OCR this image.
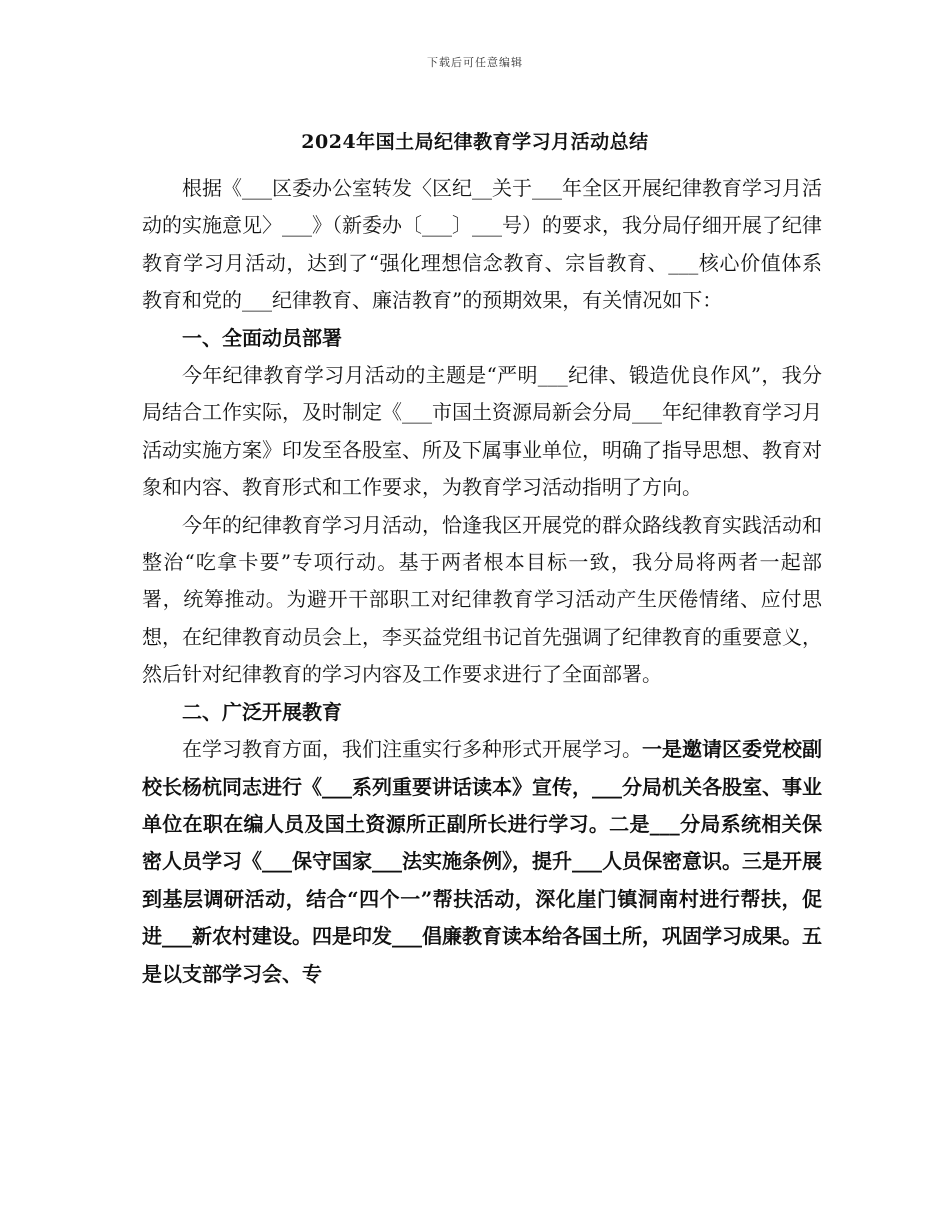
下载后可任意编辑
2024年国土局纪律教育学习月活动总结

根据《___区委办公室转发〈区纪__关于___年全区开展纪律教育学习月活动的实施意见〉___》（新委办〔___〕___号）的要求，我分局仔细开展了纪律教育学习月活动，达到了“强化理想信念教育、宗旨教育、___核心价值体系教育和党的___纪律教育、廉洁教育”的预期效果，有关情况如下：

一、全面动员部署

今年纪律教育学习月活动的主题是“严明___纪律、锻造优良作风”，我分局结合工作实际，及时制定《___市国土资源局新会分局___年纪律教育学习月活动实施方案》印发至各股室、所及下属事业单位，明确了指导思想、教育对象和内容、教育形式和工作要求，为教育学习活动指明了方向。

今年的纪律教育学习月活动，恰逢我区开展党的群众路线教育实践活动和整治“吃拿卡要”专项行动。基于两者根本目标一致，我分局将两者一起部署，统筹推动。为避开干部职工对纪律教育学习活动产生厌倦情绪、应付思想，在纪律教育动员会上，李买益党组书记首先强调了纪律教育的重要意义，然后针对纪律教育的学习内容及工作要求进行了全面部署。

二、广泛开展教育

在学习教育方面，我们注重实行多种形式开展学习。一是邀请区委党校副校长杨杭同志进行《___系列重要讲话读本》宣传，___分局机关各股室、事业单位在职在编人员及国土资源所正副所长进行学习。二是___分局系统相关保密人员学习《___保守国家___法实施条例》，提升___人员保密意识。三是开展到基层调研活动，结合“四个一”帮扶活动，深化崖门镇洞南村进行帮扶，促进___新农村建设。四是印发___倡廉教育读本给各国土所，巩固学习成果。五是以支部学习会、专
